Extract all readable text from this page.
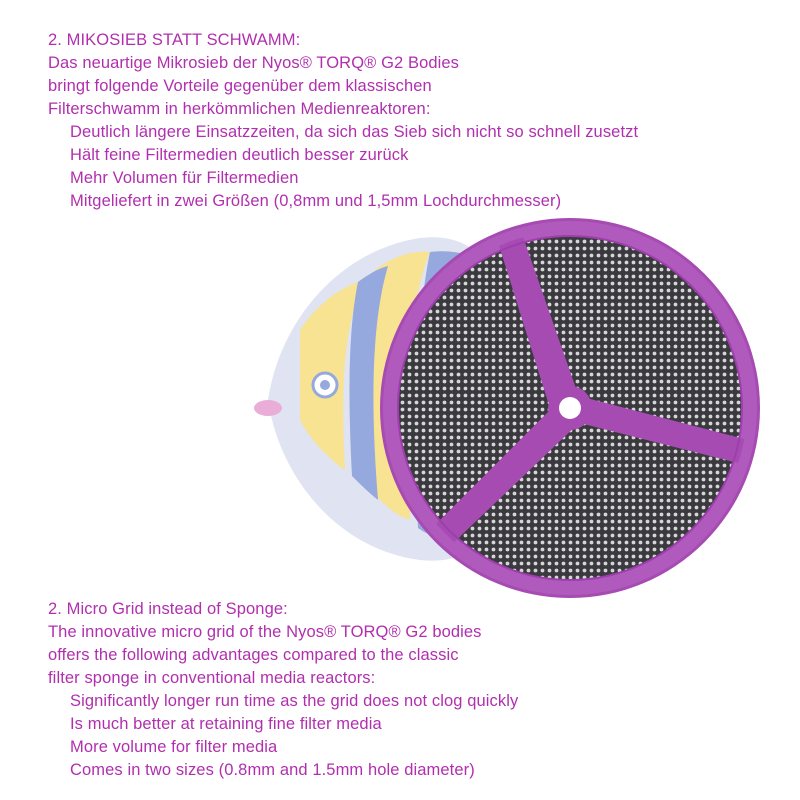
2. MIKOSIEB STATT SCHWAMM:
Das neuartige Mikrosieb der Nyos® TORQ® G2 Bodies
bringt folgende Vorteile gegenüber dem klassischen
Filterschwamm in herkömmlichen Medienreaktoren:
Deutlich längere Einsatzzeiten, da sich das Sieb sich nicht so schnell zusetzt
Hält feine Filtermedien deutlich besser zurück
Mehr Volumen für Filtermedien
Mitgeliefert in zwei Größen (0,8mm und 1,5mm Lochdurchmesser)
2. Micro Grid instead of Sponge:
The innovative micro grid of the Nyos® TORQ® G2 bodies
offers the following advantages compared to the classic
filter sponge in conventional media reactors:
Significantly longer run time as the grid does not clog quickly
Is much better at retaining fine filter media
More volume for filter media
Comes in two sizes (0.8mm and 1.5mm hole diameter)
